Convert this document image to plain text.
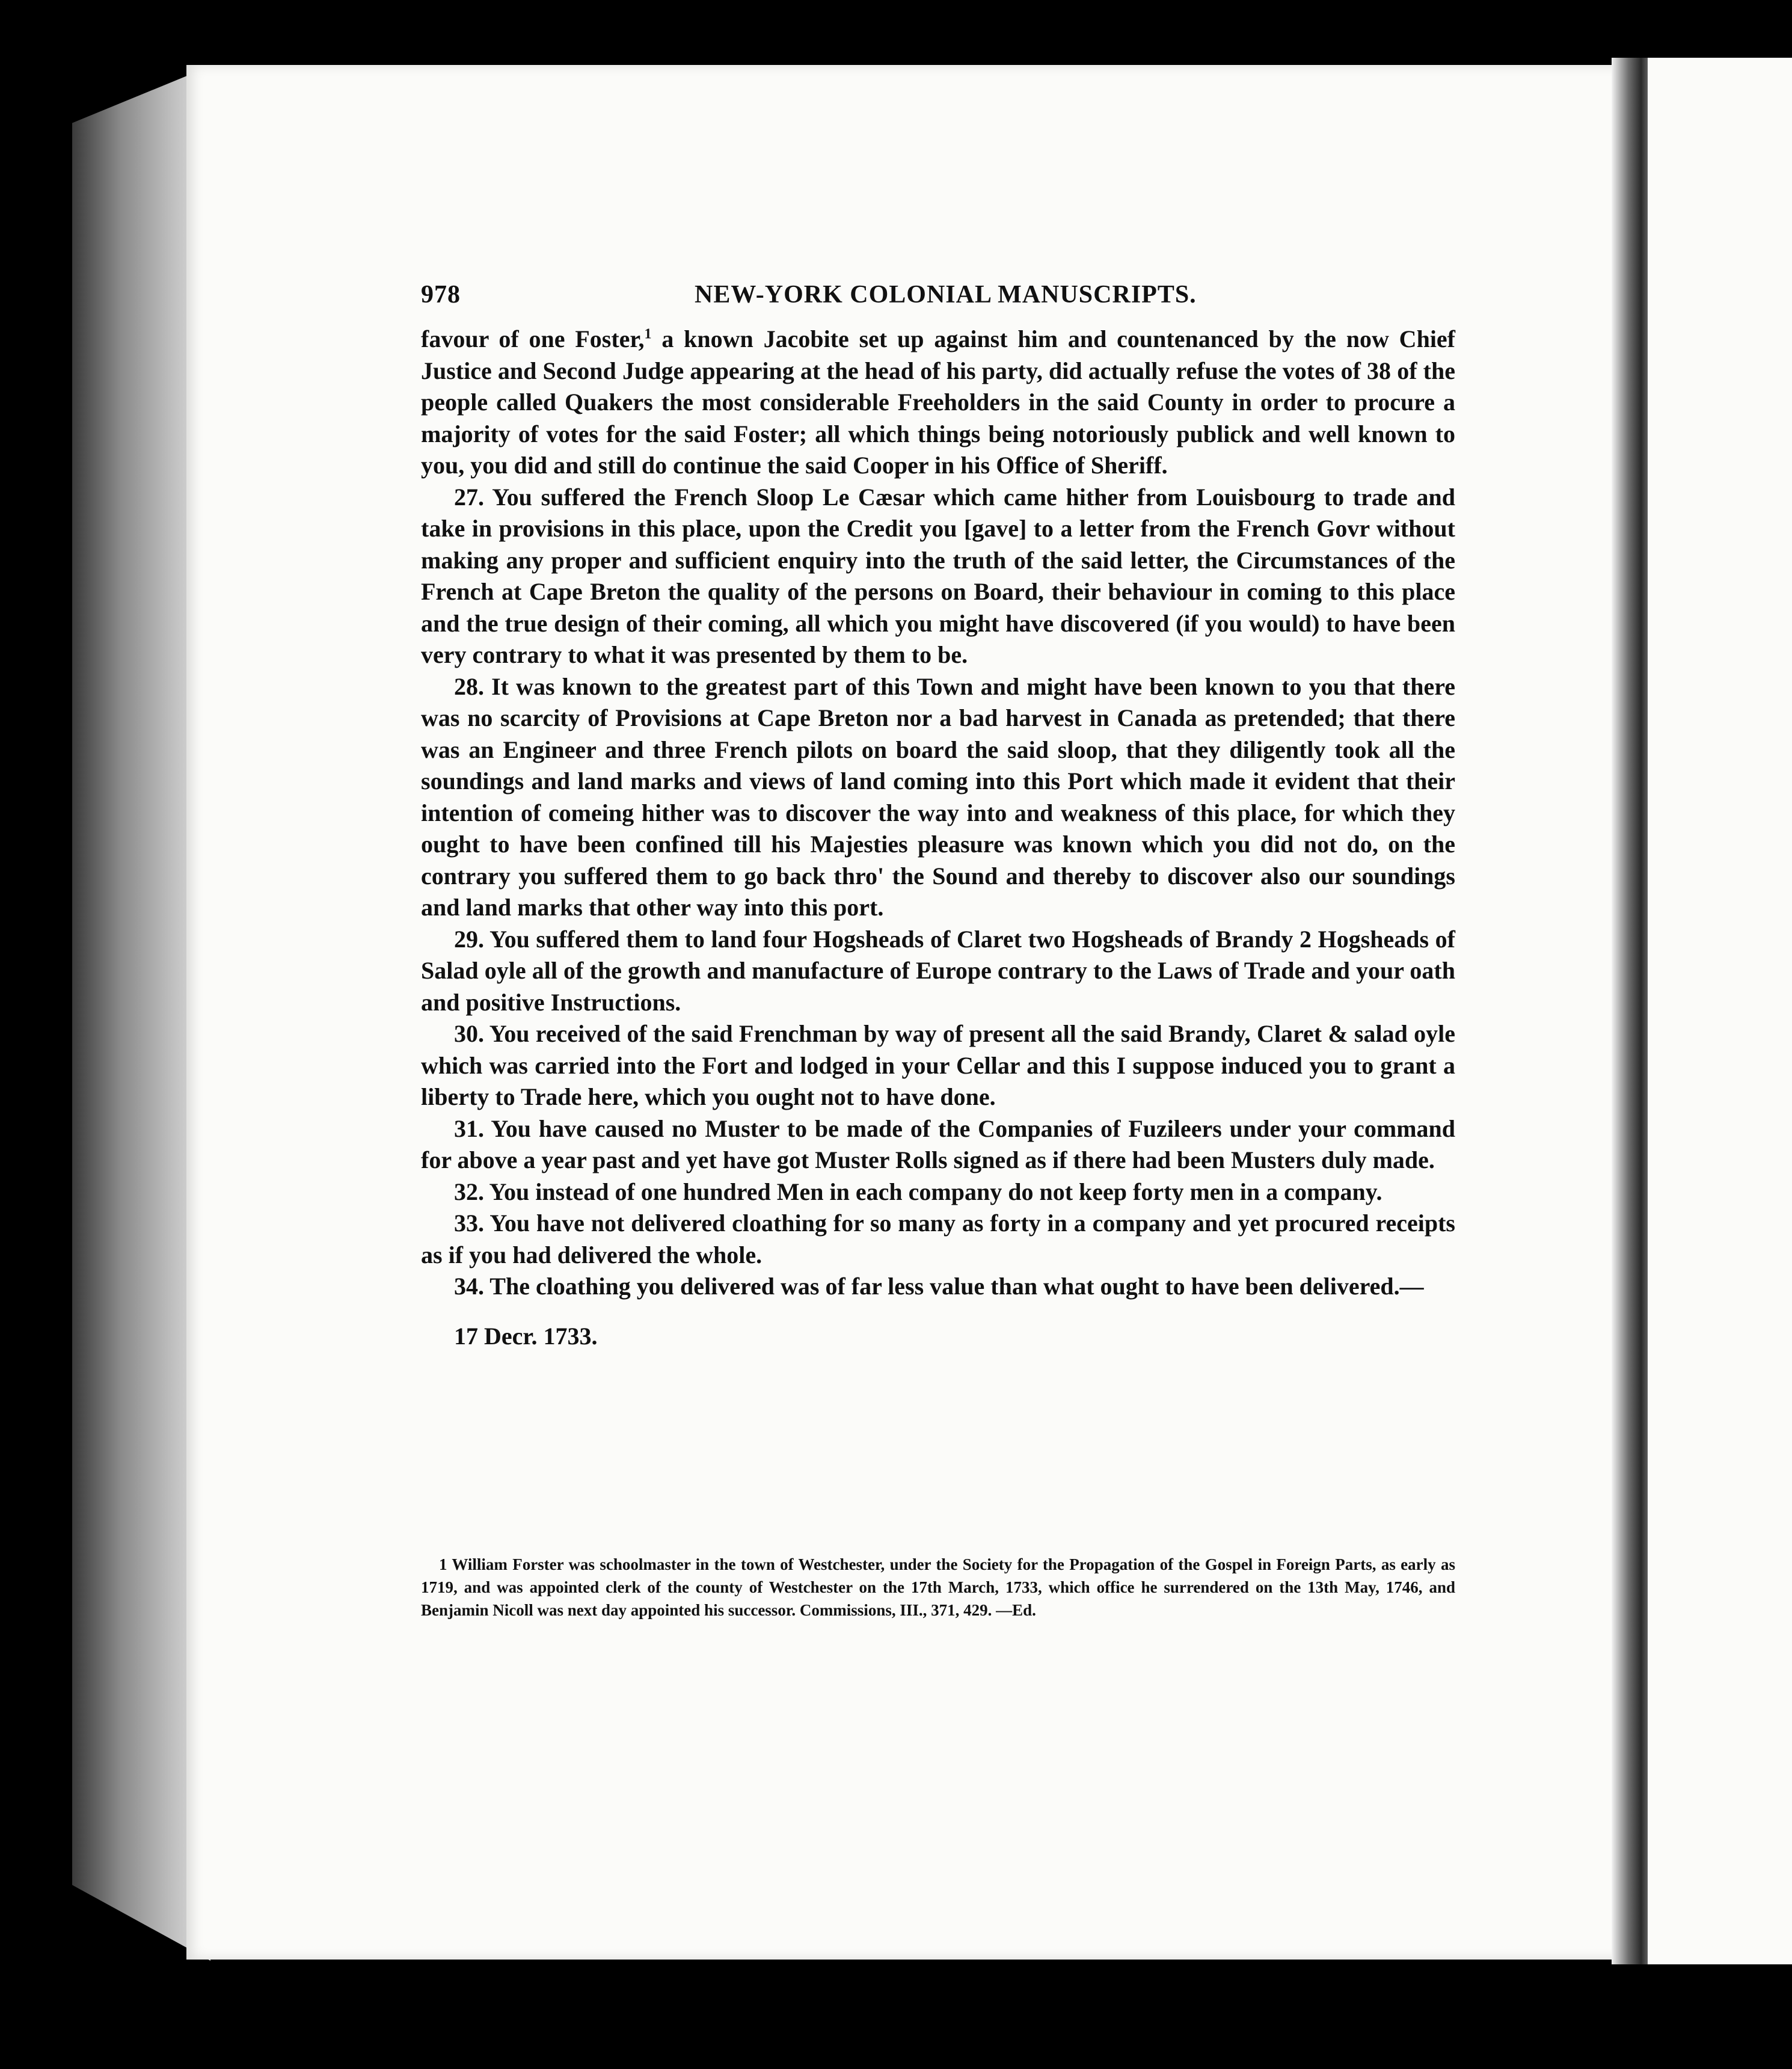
978	NEW-YORK COLONIAL MANUSCRIPTS.

favour of one Foster,$^1$ a known Jacobite set up against him and countenanced by the now Chief Justice and Second Judge appearing at the head of his party, did actually refuse the votes of 38 of the people called Quakers the most considerable Freeholders in the said County in order to procure a majority of votes for the said Foster; all which things being notoriously publick and well known to you, you did and still do continue the said Cooper in his Office of Sheriff.

27. You suffered the French Sloop Le Cæsar which came hither from Louisbourg to trade and take in provisions in this place, upon the Credit you [gave] to a letter from the French Govr without making any proper and sufficient enquiry into the truth of the said letter, the Circumstances of the French at Cape Breton the quality of the persons on Board, their behaviour in coming to this place and the true design of their coming, all which you might have discovered (if you would) to have been very contrary to what it was presented by them to be.

28. It was known to the greatest part of this Town and might have been known to you that there was no scarcity of Provisions at Cape Breton nor a bad harvest in Canada as pretended; that there was an Engineer and three French pilots on board the said sloop, that they diligently took all the soundings and land marks and views of land coming into this Port which made it evident that their intention of comeing hither was to discover the way into and weakness of this place, for which they ought to have been confined till his Majesties pleasure was known which you did not do, on the contrary you suffered them to go back thro' the Sound and thereby to discover also our soundings and land marks that other way into this port.

29. You suffered them to land four Hogsheads of Claret two Hogsheads of Brandy 2 Hogsheads of Salad oyle all of the growth and manufacture of Europe contrary to the Laws of Trade and your oath and positive Instructions.

30. You received of the said Frenchman by way of present all the said Brandy, Claret & salad oyle which was carried into the Fort and lodged in your Cellar and this I suppose induced you to grant a liberty to Trade here, which you ought not to have done.

31. You have caused no Muster to be made of the Companies of Fuzileers under your command for above a year past and yet have got Muster Rolls signed as if there had been Musters duly made.

32. You instead of one hundred Men in each company do not keep forty men in a company.

33. You have not delivered cloathing for so many as forty in a company and yet procured receipts as if you had delivered the whole.

34. The cloathing you delivered was of far less value than what ought to have been delivered.—

17 Decr. 1733.

1 William Forster was schoolmaster in the town of Westchester, under the Society for the Propagation of the Gospel in Foreign Parts, as early as 1719, and was appointed clerk of the county of Westchester on the 17th March, 1733, which office he surrendered on the 13th May, 1746, and Benjamin Nicoll was next day appointed his successor. Commissions, III., 371, 429. —Ed.
